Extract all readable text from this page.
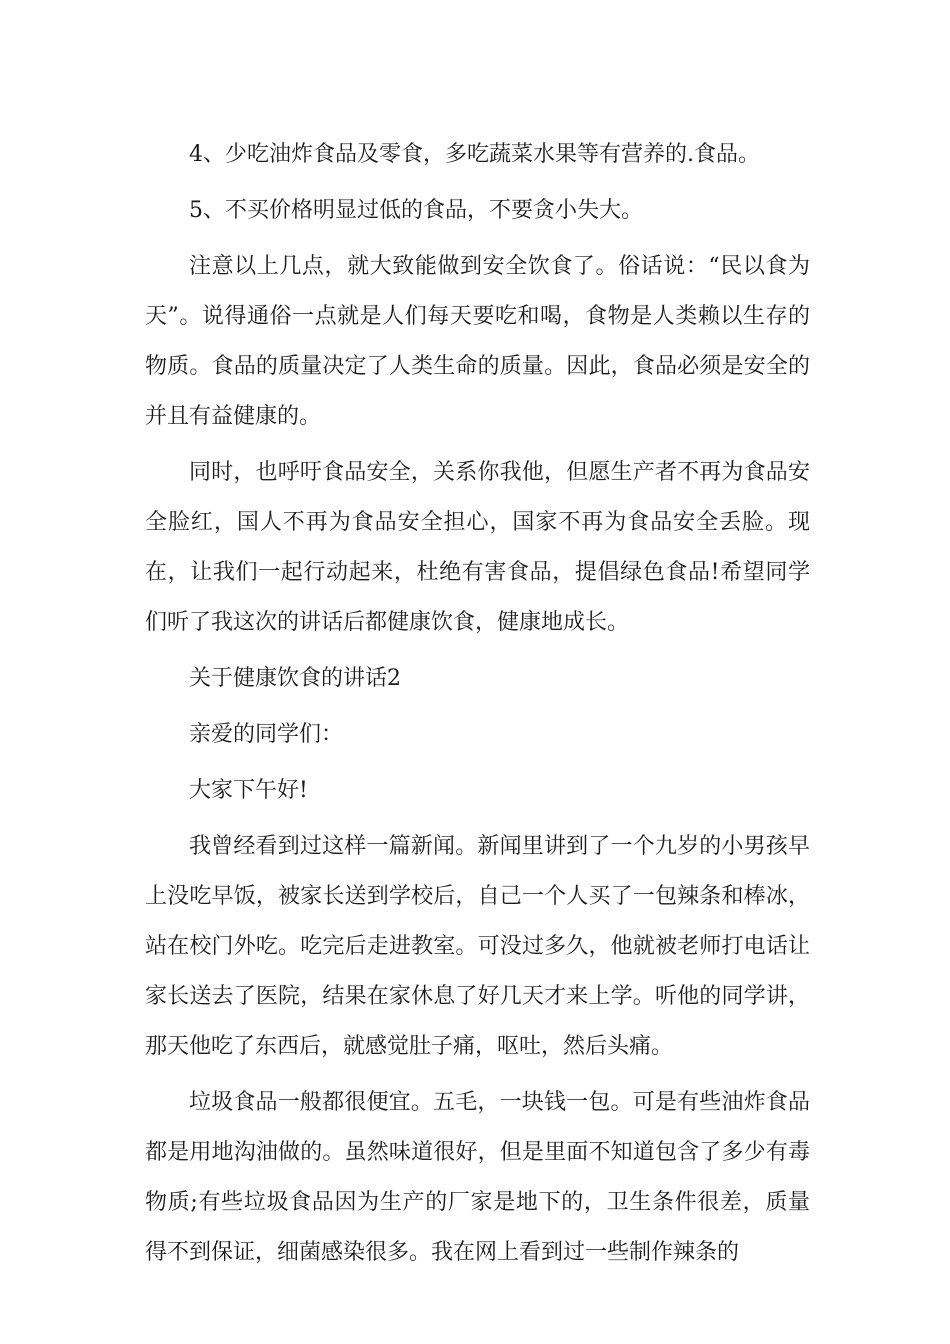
4、少吃油炸食品及零食，多吃蔬菜水果等有营养的.食品。

5、不买价格明显过低的食品，不要贪小失大。

注意以上几点，就大致能做到安全饮食了。俗话说：“民以食为天”。说得通俗一点就是人们每天要吃和喝，食物是人类赖以生存的物质。食品的质量决定了人类生命的质量。因此，食品必须是安全的并且有益健康的。

同时，也呼吁食品安全，关系你我他，但愿生产者不再为食品安全脸红，国人不再为食品安全担心，国家不再为食品安全丢脸。现在，让我们一起行动起来，杜绝有害食品，提倡绿色食品!希望同学们听了我这次的讲话后都健康饮食，健康地成长。

关于健康饮食的讲话2

亲爱的同学们：

大家下午好!

我曾经看到过这样一篇新闻。新闻里讲到了一个九岁的小男孩早上没吃早饭，被家长送到学校后，自己一个人买了一包辣条和棒冰，站在校门外吃。吃完后走进教室。可没过多久，他就被老师打电话让家长送去了医院，结果在家休息了好几天才来上学。听他的同学讲，那天他吃了东西后，就感觉肚子痛，呕吐，然后头痛。

垃圾食品一般都很便宜。五毛，一块钱一包。可是有些油炸食品都是用地沟油做的。虽然味道很好，但是里面不知道包含了多少有毒物质;有些垃圾食品因为生产的厂家是地下的，卫生条件很差，质量得不到保证，细菌感染很多。我在网上看到过一些制作辣条的
